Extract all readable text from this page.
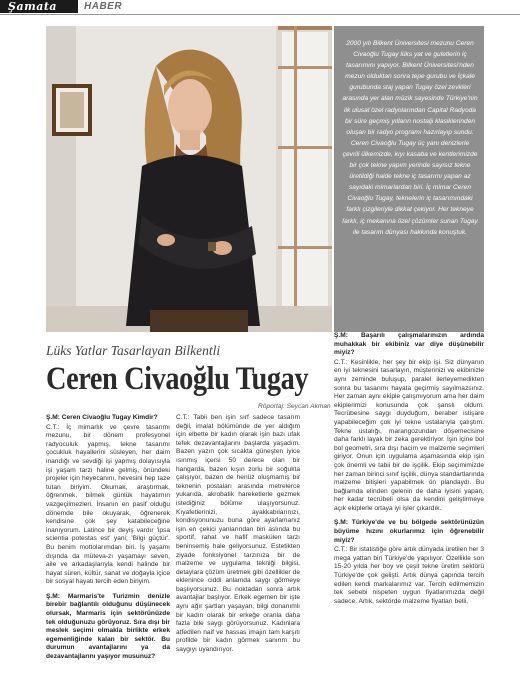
Şamata	HABER
2000 yılı Bilkent Üniversitesi mezunu Ceren Civaoğlu Tugay lüks yat ve guletlerin iç tasarımını yapıyor. Bilkent Üniversitesi'nden mezun olduktan sonra tepe gurubu ve İçkale gurubunda staj yapan Tugay özel zevkleri arasında yer alan müzik sayesinde Türkiye'nin ilk ulusal özel radyolarından Capital Radyoda bir süre geçmiş yılların nostalji klasiklerinden oluşan bir radyo programı hazırlayıp sundu. Ceren Civaoğlu Tugay üç yanı denizlerle çevrili ülkemizde, kıyı kasaba ve kentlerimizde bir çok tekne yapım yerinde sayısız tekne üretildiği halde tekne iç tasarımı yapan az sayıdaki mimarlardan biri. İç mimar Ceren Civaoğlu Tugay, teknelerin iç tasarımındaki farklı çizgileriyle dikkat çekiyor. Her tekneye farklı, iç mekanına özel çözümler sunan Tugay ile tasarım dünyası hakkında konuştuk.
Lüks Yatlar Tasarlayan Bilkentli
Ceren Civaoğlu Tugay
Röportaj: Seycan Akman
Ş.M: Ceren Civaoğlu Tugay Kimdir?
C.T.: İç mimarlık ve çevre tasarımı mezunu, bir dönem profesyonel radyoculuk yapmış, tekne tasarımı çocukluk hayallerini süsleyen, her daim inandığı ve sevdiği işi yapmış dolayısıyla işi yaşam tarzı haline gelmiş, önündeki projeler için heyecanını, hevesini hep taze tutan biriyim. Okumak, araştırmak, öğrenmek, bilmek günlük hayatımın vazgeçilmezleri. İnsanın en pasif olduğu dönemde bile okuyarak, öğrenerek kendisine çok şey katabileceğine inanıyorum. Latince bir deyiş vardır 'ipsa scientia potestas est' yani; 'Bilgi güçtür'. Bu benim mottolarımdan biri. İş yaşamı dışında da müteva-zı yaşamayı seven, aile ve arkadaşlarıyla kendi halinde bir hayat süren, kültür, sanat ve doğayla içice bir sosyal hayatı tercih eden biriyim.
Ş.M: Marmaris'te Turizmin denizle birebir bağlantılı olduğunu düşünecek olursak, Marmaris için sektörünüzde tek olduğunuzu görüyoruz. Sıra dışı bir meslek seçimi olmakla birlikte erkek egemenliğinde kalan bir sektör. Bu durumun avantajlarını ya da dezavantajlarını yaşıyor musunuz?
C.T.: Tabii ben işin sırf sadece tasarım değil, imalat bölümünde de yer aldığım için elbette bir kadın olarak işin bazı ufak tefek dezavantajlarını başlarda yaşadım. Bazen yazın çok sıcakta güneşten iyice ısınmış içersi 50 derece olan bir hangarda, bazen kışın zorlu bir soğukta çalışıyor, bazen de henüz oluşmamış bir teknenin postaları arasında metrelerce yukarıda, akrobatik hareketlerle gezmek istediğiniz bölüme ulaşıyorsunuz. Kıyafetlerinizi, ayakkabılarınızı, kondisyonunuzu buna göre ayarlamanız işin en çekici yanlarından biri aslında bu sportif, rahat ve hafif maskülen tarzı beninsemiş hale geliyorsunuz. Estetikten ziyade fonksiyonel tarzınıza bir de malzeme ve uygulama tekniği bilgisi, detaylara çözüm üretmek gibi özellikler de eklenince ciddi anlamda saygı görmeye başlıyorsunuz. Bu noktadan sonra artık avantajlar başlıyor. Erkek egemen bir işte aynı ağır şartları yaşayan, bilgi donanımlı bir kadın olarak bir erkeğe oranla daha fazla bile saygı görüyorsunuz. Kadınlara atfedilen naif ve hassas imajın tam karşıtı profilde bir kadın görmek sanırım bu saygıyı uyandırıyor.
Ş.M: Başarılı çalışmalarınızın ardında muhakkak bir ekibiniz var diye düşünebilir miyiz?
C.T.: Kesinlikle, her şey bir ekip işi. Siz dünyanın en iyi teknesini tasarlayın, müşterinizi ve ekibinizle aynı zeminde buluşup, paralel ilerleyemedikten sonra bu tasarımı hayata geçirmiş sayılmazsınız. Her zaman aynı ekiple çalışmıyorum ama her daim ekiplerimizi konusunda çok şanslı oldum. Tecrübesine saygı duyduğum, beraber istişare yapabileceğim çok iyi tekne ustalarıyla çalıştım. Tekne ustalığı, marangozundan döşemecisine daha farklı layak bir zeka gerektiriyor. İşin içine bol bol geometri, sıra dışı hacim ve malzeme seçimleri giriyor. Onun için uygulama aşamasında ekip işin çok önemli ve tabii bir de işçilik. Ekip seçimimizde her zaman birinci sınıf işçilik, dünya standartlarında malzeme bitişleri yapabilmek ön plandaydı. Bu bağlamda elinden gelenin de daha iyisini yapan, her kadar tecrübeli olsa da kendini geliştirmeye açık ekiplerle ortaya iyi işler çıkardık.
Ş.M: Türkiye'de ve bu bölgede sektörünüzün büyüme hızını okurlarımız için öğrenebilir miyiz?
C.T.: Bir istatistiğe göre artık dünyada üretilen her 3 mega yattan biri Türkiye'de yapılıyor. Özellikle son 15-20 yılda her boy ve çeşit tekne üretim sektörü Türkiye'de çok gelişti. Artık dünya çapında tercih edilen kendi markalarımız var. Tercih edilmemizin tek sebebi nispeten uygun fiyatlarımızda değil sadece. Artık, sektörde malzeme fiyatları belli,
